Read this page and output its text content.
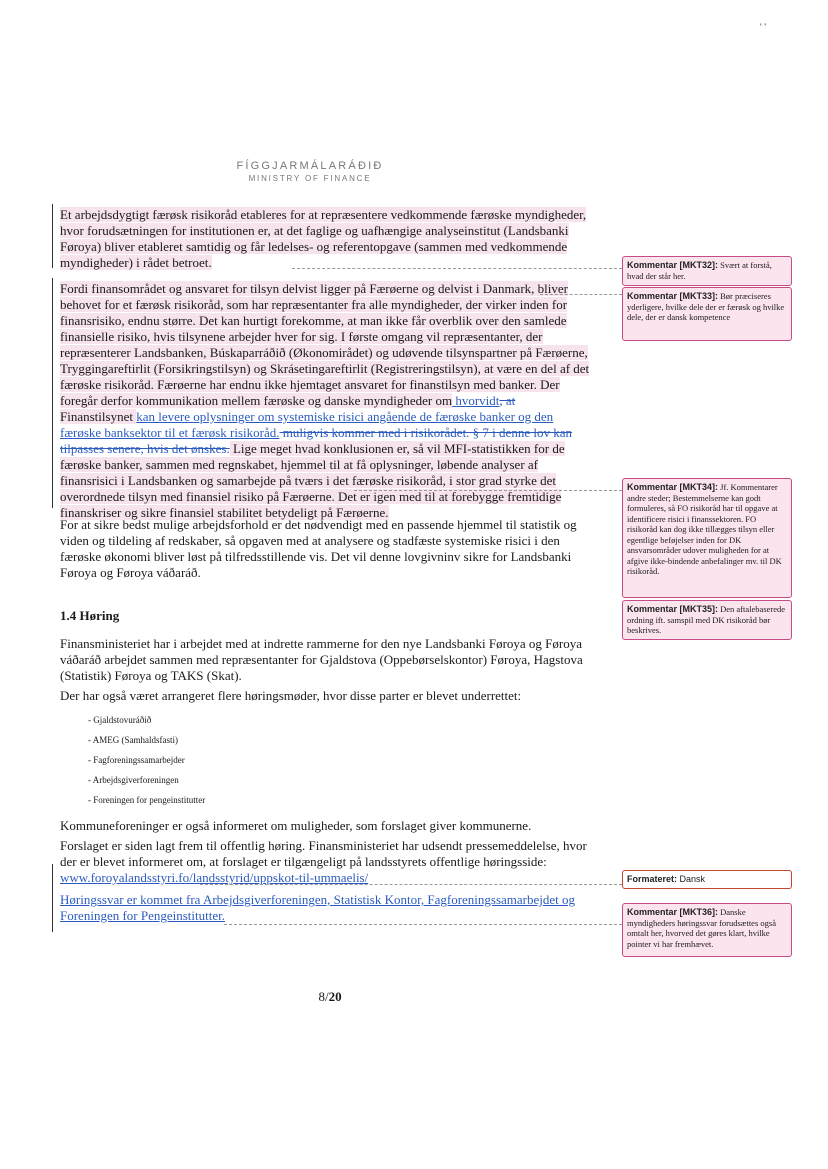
' '
FÍGGJARMÁLARÁÐIÐ
MINISTRY OF FINANCE

Et arbejdsdygtigt færøsk risikoråd etableres for at repræsentere vedkommende færøske myndigheder, hvor forudsætningen for institutionen er, at det faglige og uafhængige analyseinstitut (Landsbanki Føroya) bliver etableret samtidig og får ledelses- og referentopgave (sammen med vedkommende myndigheder) i rådet betroet.

Fordi finansområdet og ansvaret for tilsyn delvist ligger på Færøerne og delvist i Danmark, bliver behovet for et færøsk risikoråd, som har repræsentanter fra alle myndigheder, der virker inden for finansrisiko, endnu større. Det kan hurtigt forekomme, at man ikke får overblik over den samlede finansielle risiko, hvis tilsynene arbejder hver for sig. I første omgang vil repræsentanter, der repræsenterer Landsbanken, Búskaparráðið (Økonomirådet) og udøvende tilsynspartner på Færøerne, Tryggingareftirlit (Forsikringstilsyn) og Skrásetingareftirlit (Registreringstilsyn), at være en del af det færøske risikoråd. Færøerne har endnu ikke hjemtaget ansvaret for finanstilsyn med banker. Der foregår derfor kommunikation mellem færøske og danske myndigheder om hvorvidt, at Finanstilsynet kan levere oplysninger om systemiske risici angående de færøske banker og den færøske banksektor til et færøsk risikoråd. muligvis kommer med i risikorådet. § 7 i denne lov kan tilpasses senere, hvis det ønskes. Lige meget hvad konklusionen er, så vil MFI-statistikken for de færøske banker, sammen med regnskabet, hjemmel til at få oplysninger, løbende analyser af finansrisici i Landsbanken og samarbejde på tværs i det færøske risikoråd, i stor grad styrke det overordnede tilsyn med finansiel risiko på Færøerne. Det er igen med til at forebygge fremtidige finanskriser og sikre finansiel stabilitet betydeligt på Færøerne.

For at sikre bedst mulige arbejdsforhold er det nødvendigt med en passende hjemmel til statistik og viden og tildeling af redskaber, så opgaven med at analysere og stadfæste systemiske risici i den færøske økonomi bliver løst på tilfredsstillende vis. Det vil denne lovgivninv sikre for Landsbanki Føroya og Føroya váðaráð.

1.4 Høring

Finansministeriet har i arbejdet med at indrette rammerne for den nye Landsbanki Føroya og Føroya váðaráð arbejdet sammen med repræsentanter for Gjaldstova (Oppebørselskontor) Føroya, Hagstova (Statistik) Føroya og TAKS (Skat).

Der har også været arrangeret flere høringsmøder, hvor disse parter er blevet underrettet:

- Gjaldstovuráðið
- AMEG (Samhaldsfasti)
- Fagforeningssamarbejder
- Arbejdsgiverforeningen
- Foreningen for pengeinstitutter

Kommuneforeninger er også informeret om muligheder, som forslaget giver kommunerne.

Forslaget er siden lagt frem til offentlig høring. Finansministeriet har udsendt pressemeddelelse, hvor der er blevet informeret om, at forslaget er tilgængeligt på landsstyrets offentlige høringsside: www.foroyalandsstyri.fo/landsstyrid/uppskot-til-ummaelis/

Høringssvar er kommet fra Arbejdsgiverforeningen, Statistisk Kontor, Fagforeningssamarbejdet og Foreningen for Pengeinstitutter.

8/20
Kommentar [MKT32]: Svært at forstå, hvad der står her.
Kommentar [MKT33]: Bør præciseres yderligere, hvilke dele der er færøsk og hvilke dele, der er dansk kompetence
Kommentar [MKT34]: Jf. Kommentarer andre steder; Bestemmelserne kan godt formuleres, så FO risikoråd har til opgave at identificere risici i finanssektoren. FO risikoråd kan dog ikke tillægges tilsyn eller egentlige beføjelser inden for DK ansvarsområder udover muligheden for at afgive ikke-bindende anbefalinger mv. til DK risikoråd.
Kommentar [MKT35]: Den aftalebaserede ordning ift. samspil med DK risikoråd bør beskrives.
Formateret: Dansk
Kommentar [MKT36]: Danske myndigheders høringssvar forudsættes også omtalt her, hvorved det gøres klart, hvilke pointer vi har fremhævet.
